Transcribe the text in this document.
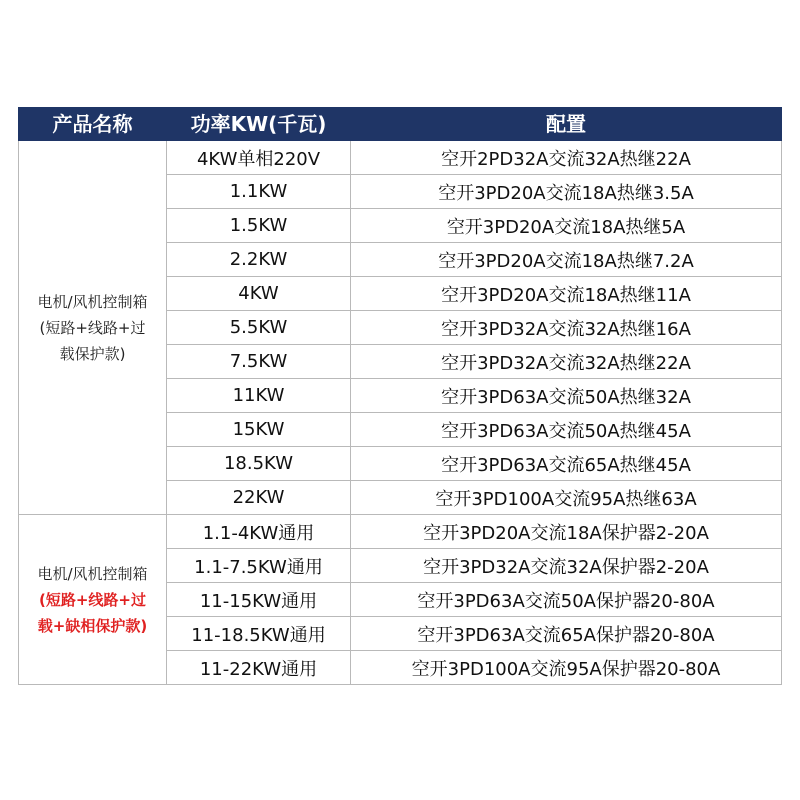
产品名称	功率KW(千瓦)	配置

电机/风机控制箱
(短路+线路+过
载保护款)	4KW单相220V	空开2PD32A交流32A热继22A
	1.1KW	空开3PD20A交流18A热继3.5A
	1.5KW	空开3PD20A交流18A热继5A
	2.2KW	空开3PD20A交流18A热继7.2A
	4KW	空开3PD20A交流18A热继11A
	5.5KW	空开3PD32A交流32A热继16A
	7.5KW	空开3PD32A交流32A热继22A
	11KW	空开3PD63A交流50A热继32A
	15KW	空开3PD63A交流50A热继45A
	18.5KW	空开3PD63A交流65A热继45A
	22KW	空开3PD100A交流95A热继63A

电机/风机控制箱
(短路+线路+过
载+缺相保护款)	1.1-4KW通用	空开3PD20A交流18A保护器2-20A
	1.1-7.5KW通用	空开3PD32A交流32A保护器2-20A
	11-15KW通用	空开3PD63A交流50A保护器20-80A
	11-18.5KW通用	空开3PD63A交流65A保护器20-80A
	11-22KW通用	空开3PD100A交流95A保护器20-80A
